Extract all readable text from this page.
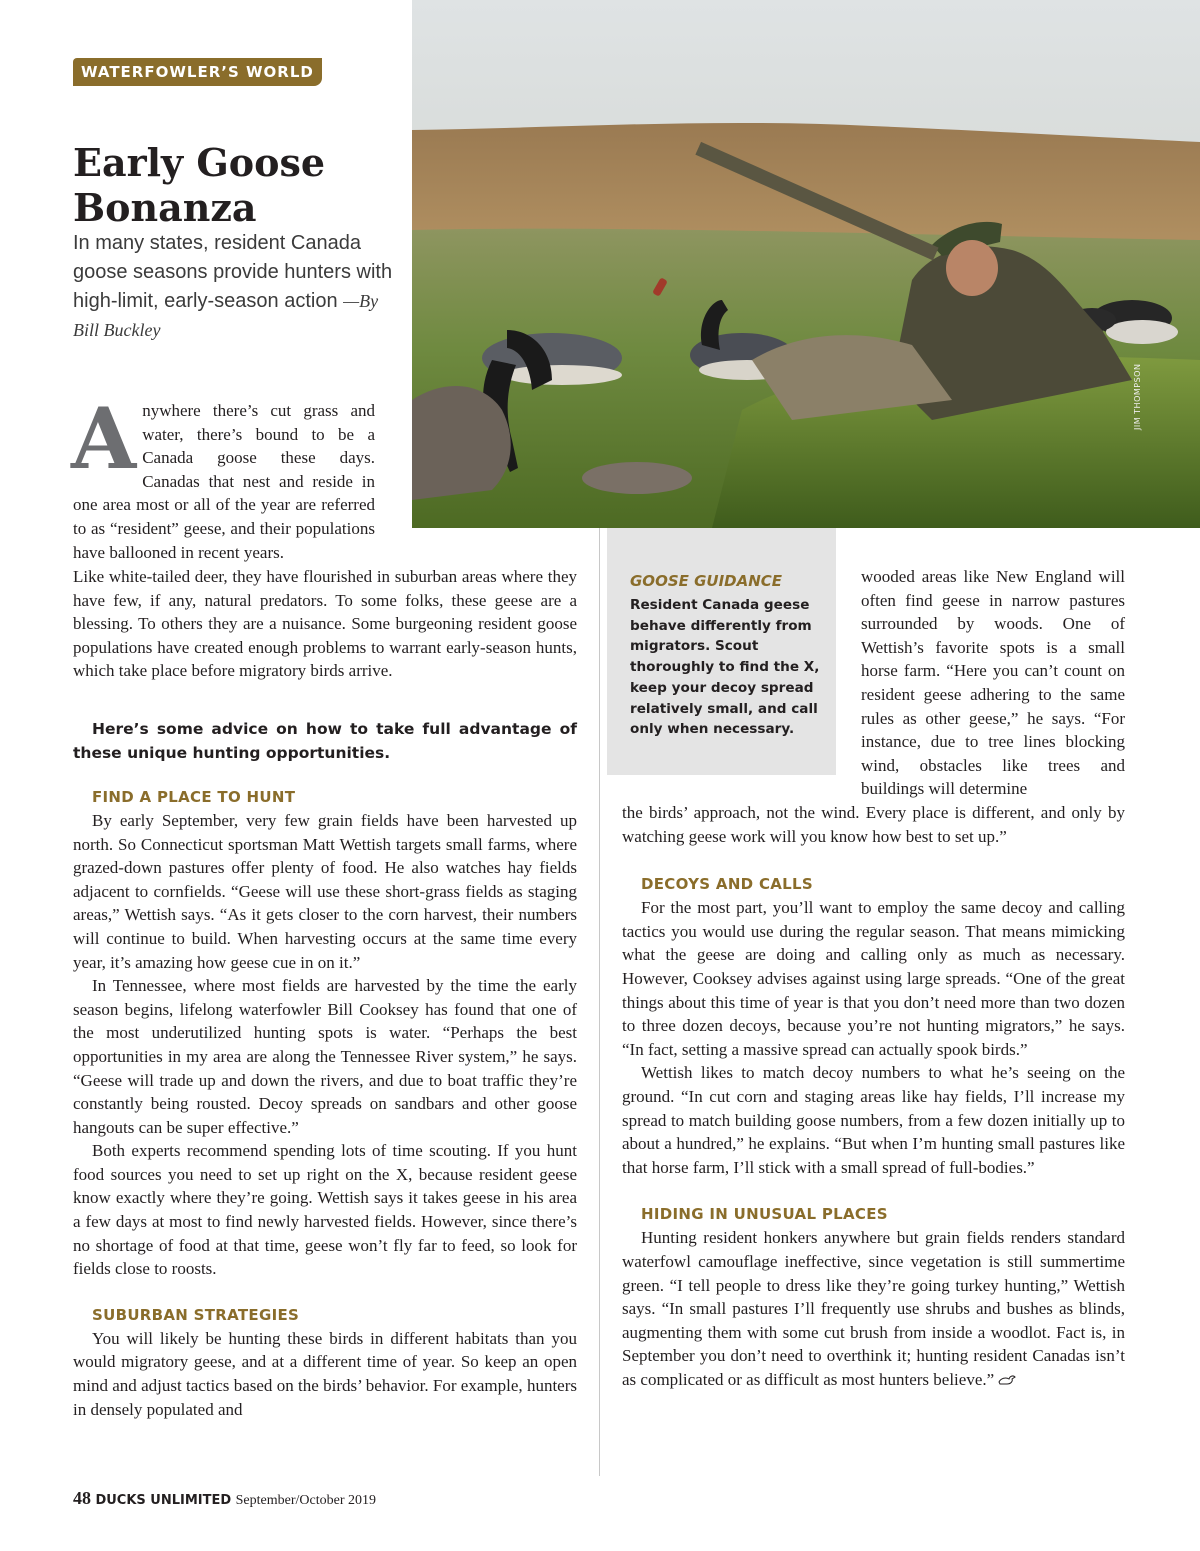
WATERFOWLER’S WORLD
Early Goose Bonanza
In many states, resident Canada goose seasons provide hunters with high-limit, early-season action —By Bill Buckley
JIM THOMPSON
A nywhere there’s cut grass and water, there’s bound to be a Canada goose these days. Canadas that nest and reside in one area most or all of the year are referred to as “resident” geese, and their populations have ballooned in recent years.

Like white-tailed deer, they have flourished in suburban areas where they have few, if any, natural predators. To some folks, these geese are a blessing. To others they are a nuisance. Some burgeoning resident goose populations have created enough problems to warrant early-season hunts, which take place before migratory birds arrive.

Here’s some advice on how to take full advantage of these unique hunting opportunities.

FIND A PLACE TO HUNT

By early September, very few grain fields have been harvested up north. So Connecticut sportsman Matt Wettish targets small farms, where grazed-down pastures offer plenty of food. He also watches hay fields adjacent to cornfields. “Geese will use these short-grass fields as staging areas,” Wettish says. “As it gets closer to the corn harvest, their numbers will continue to build. When harvesting occurs at the same time every year, it’s amazing how geese cue in on it.”

In Tennessee, where most fields are harvested by the time the early season begins, lifelong waterfowler Bill Cooksey has found that one of the most underutilized hunting spots is water. “Perhaps the best opportunities in my area are along the Tennessee River system,” he says. “Geese will trade up and down the rivers, and due to boat traffic they’re constantly being rousted. Decoy spreads on sandbars and other goose hangouts can be super effective.”

Both experts recommend spending lots of time scouting. If you hunt food sources you need to set up right on the X, because resident geese know exactly where they’re going. Wettish says it takes geese in his area a few days at most to find newly harvested fields. However, since there’s no shortage of food at that time, geese won’t fly far to feed, so look for fields close to roosts.

SUBURBAN STRATEGIES

You will likely be hunting these birds in different habitats than you would migratory geese, and at a different time of year. So keep an open mind and adjust tactics based on the birds’ behavior. For example, hunters in densely populated and

GOOSE GUIDANCE
Resident Canada geese behave differently from migrators. Scout thoroughly to find the X, keep your decoy spread relatively small, and call only when necessary.

wooded areas like New England will often find geese in narrow pastures surrounded by woods. One of Wettish’s favorite spots is a small horse farm. “Here you can’t count on resident geese adhering to the same rules as other geese,” he says. “For instance, due to tree lines blocking wind, obstacles like trees and buildings will determine

the birds’ approach, not the wind. Every place is different, and only by watching geese work will you know how best to set up.”

DECOYS AND CALLS

For the most part, you’ll want to employ the same decoy and calling tactics you would use during the regular season. That means mimicking what the geese are doing and calling only as much as necessary. However, Cooksey advises against using large spreads. “One of the great things about this time of year is that you don’t need more than two dozen to three dozen decoys, because you’re not hunting migrators,” he says. “In fact, setting a massive spread can actually spook birds.”

Wettish likes to match decoy numbers to what he’s seeing on the ground. “In cut corn and staging areas like hay fields, I’ll increase my spread to match building goose numbers, from a few dozen initially up to about a hundred,” he explains. “But when I’m hunting small pastures like that horse farm, I’ll stick with a small spread of full-bodies.”

HIDING IN UNUSUAL PLACES

Hunting resident honkers anywhere but grain fields renders standard waterfowl camouflage ineffective, since vegetation is still summertime green. “I tell people to dress like they’re going turkey hunting,” Wettish says. “In small pastures I’ll frequently use shrubs and bushes as blinds, augmenting them with some cut brush from inside a woodlot. Fact is, in September you don’t need to overthink it; hunting resident Canadas isn’t as complicated or as difficult as most hunters believe.”

48 DUCKS UNLIMITED September/October 2019
